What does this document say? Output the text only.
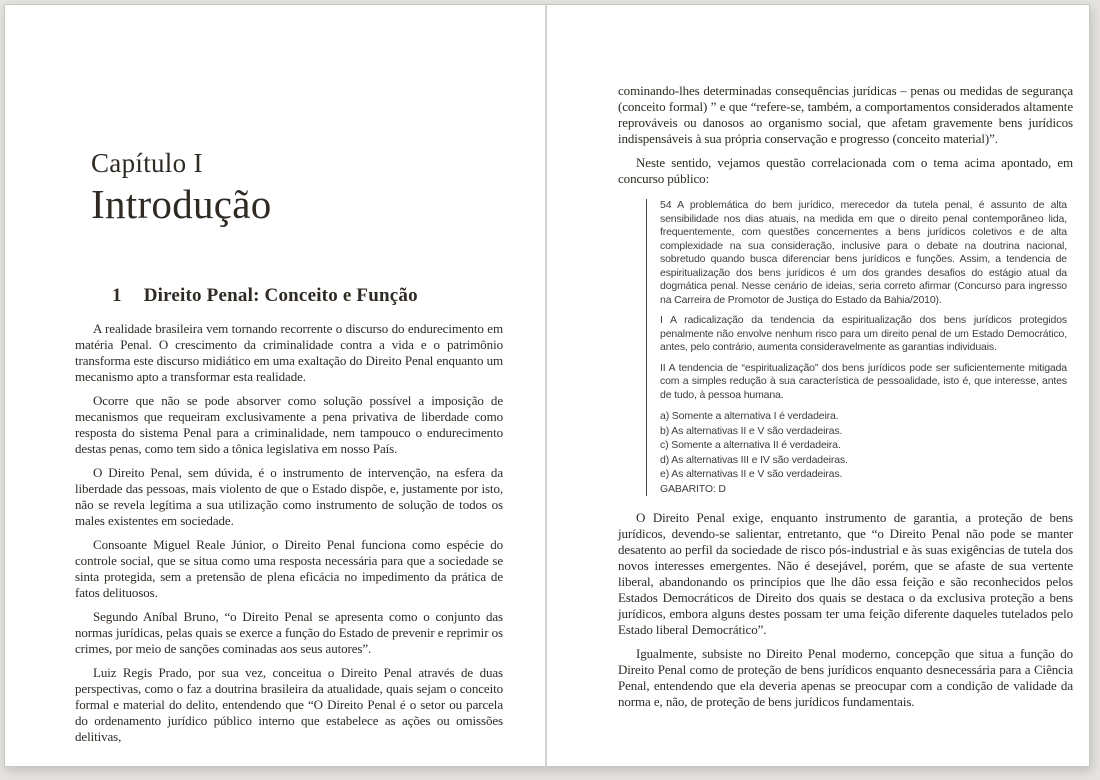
Capítulo I
Introdução
1 Direito Penal: Conceito e Função

A realidade brasileira vem tornando recorrente o discurso do endurecimento em matéria Penal. O crescimento da criminalidade contra a vida e o patrimônio transforma este discurso midiático em uma exaltação do Direito Penal enquanto um mecanismo apto a transformar esta realidade.

Ocorre que não se pode absorver como solução possível a imposição de mecanismos que requeiram exclusivamente a pena privativa de liberdade como resposta do sistema Penal para a criminalidade, nem tampouco o endurecimento destas penas, como tem sido a tônica legislativa em nosso País.

O Direito Penal, sem dúvida, é o instrumento de intervenção, na esfera da liberdade das pessoas, mais violento de que o Estado dispõe, e, justamente por isto, não se revela legítima a sua utilização como instrumento de solução de todos os males existentes em sociedade.

Consoante Miguel Reale Júnior, o Direito Penal funciona como espécie do controle social, que se situa como uma resposta necessária para que a sociedade se sinta protegida, sem a pretensão de plena eficácia no impedimento da prática de fatos delituosos.

Segundo Aníbal Bruno, “o Direito Penal se apresenta como o conjunto das normas jurídicas, pelas quais se exerce a função do Estado de prevenir e reprimir os crimes, por meio de sanções cominadas aos seus autores”.

Luiz Regis Prado, por sua vez, conceitua o Direito Penal através de duas perspectivas, como o faz a doutrina brasileira da atualidade, quais sejam o conceito formal e material do delito, entendendo que “O Direito Penal é o setor ou parcela do ordenamento jurídico público interno que estabelece as ações ou omissões delitivas,

cominando-lhes determinadas consequências jurídicas – penas ou medidas de segurança (conceito formal) ” e que “refere-se, também, a comportamentos considerados altamente reprováveis ou danosos ao organismo social, que afetam gravemente bens jurídicos indispensáveis à sua própria conservação e progresso (conceito material)”.

Neste sentido, vejamos questão correlacionada com o tema acima apontado, em concurso público:

54 A problemática do bem jurídico, merecedor da tutela penal, é assunto de alta sensibilidade nos dias atuais, na medida em que o direito penal contemporâneo lida, frequentemente, com questões concernentes a bens jurídicos coletivos e de alta complexidade na sua consideração, inclusive para o debate na doutrina nacional, sobretudo quando busca diferenciar bens jurídicos e funções. Assim, a tendencia de espiritualização dos bens jurídicos é um dos grandes desafios do estágio atual da dogmática penal. Nesse cenário de ideias, seria correto afirmar (Concurso para ingresso na Carreira de Promotor de Justiça do Estado da Bahia/2010).

I A radicalização da tendencia da espiritualização dos bens jurídicos protegidos penalmente não envolve nenhum risco para um direito penal de um Estado Democrático, antes, pelo contrário, aumenta consideravelmente as garantias individuais.

II A tendencia de “espiritualização” dos bens jurídicos pode ser suficientemente mitigada com a simples redução à sua característica de pessoalidade, isto é, que interesse, antes de tudo, à pessoa humana.

a) Somente a alternativa I é verdadeira.
b) As alternativas II e V são verdadeiras.
c) Somente a alternativa II é verdadeira.
d) As alternativas III e IV são verdadeiras.
e) As alternativas II e V são verdadeiras.
GABARITO: D

O Direito Penal exige, enquanto instrumento de garantia, a proteção de bens jurídicos, devendo-se salientar, entretanto, que “o Direito Penal não pode se manter desatento ao perfil da sociedade de risco pós-industrial e às suas exigências de tutela dos novos interesses emergentes. Não é desejável, porém, que se afaste de sua vertente liberal, abandonando os princípios que lhe dão essa feição e são reconhecidos pelos Estados Democráticos de Direito dos quais se destaca o da exclusiva proteção a bens jurídicos, embora alguns destes possam ter uma feição diferente daqueles tutelados pelo Estado liberal Democrático”.

Igualmente, subsiste no Direito Penal moderno, concepção que situa a função do Direito Penal como de proteção de bens jurídicos enquanto desnecessária para a Ciência Penal, entendendo que ela deveria apenas se preocupar com a condição de validade da norma e, não, de proteção de bens jurídicos fundamentais.
